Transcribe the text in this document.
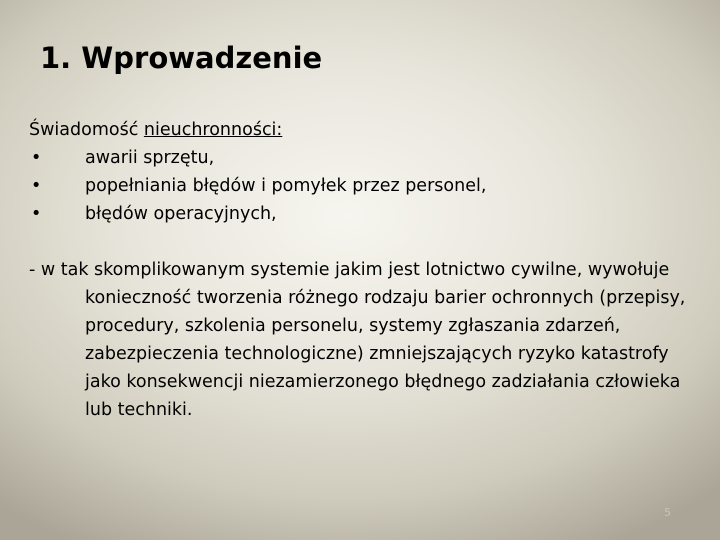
1. Wprowadzenie
Świadomość nieuchronności:
• awarii sprzętu,
• popełniania błędów i pomyłek przez personel,
• błędów operacyjnych,
- w tak skomplikowanym systemie jakim jest lotnictwo cywilne, wywołuje konieczność tworzenia różnego rodzaju barier ochronnych (przepisy, procedury, szkolenia personelu, systemy zgłaszania zdarzeń, zabezpieczenia technologiczne) zmniejszających ryzyko katastrofy jako konsekwencji niezamierzonego błędnego zadziałania człowieka lub techniki.
5
